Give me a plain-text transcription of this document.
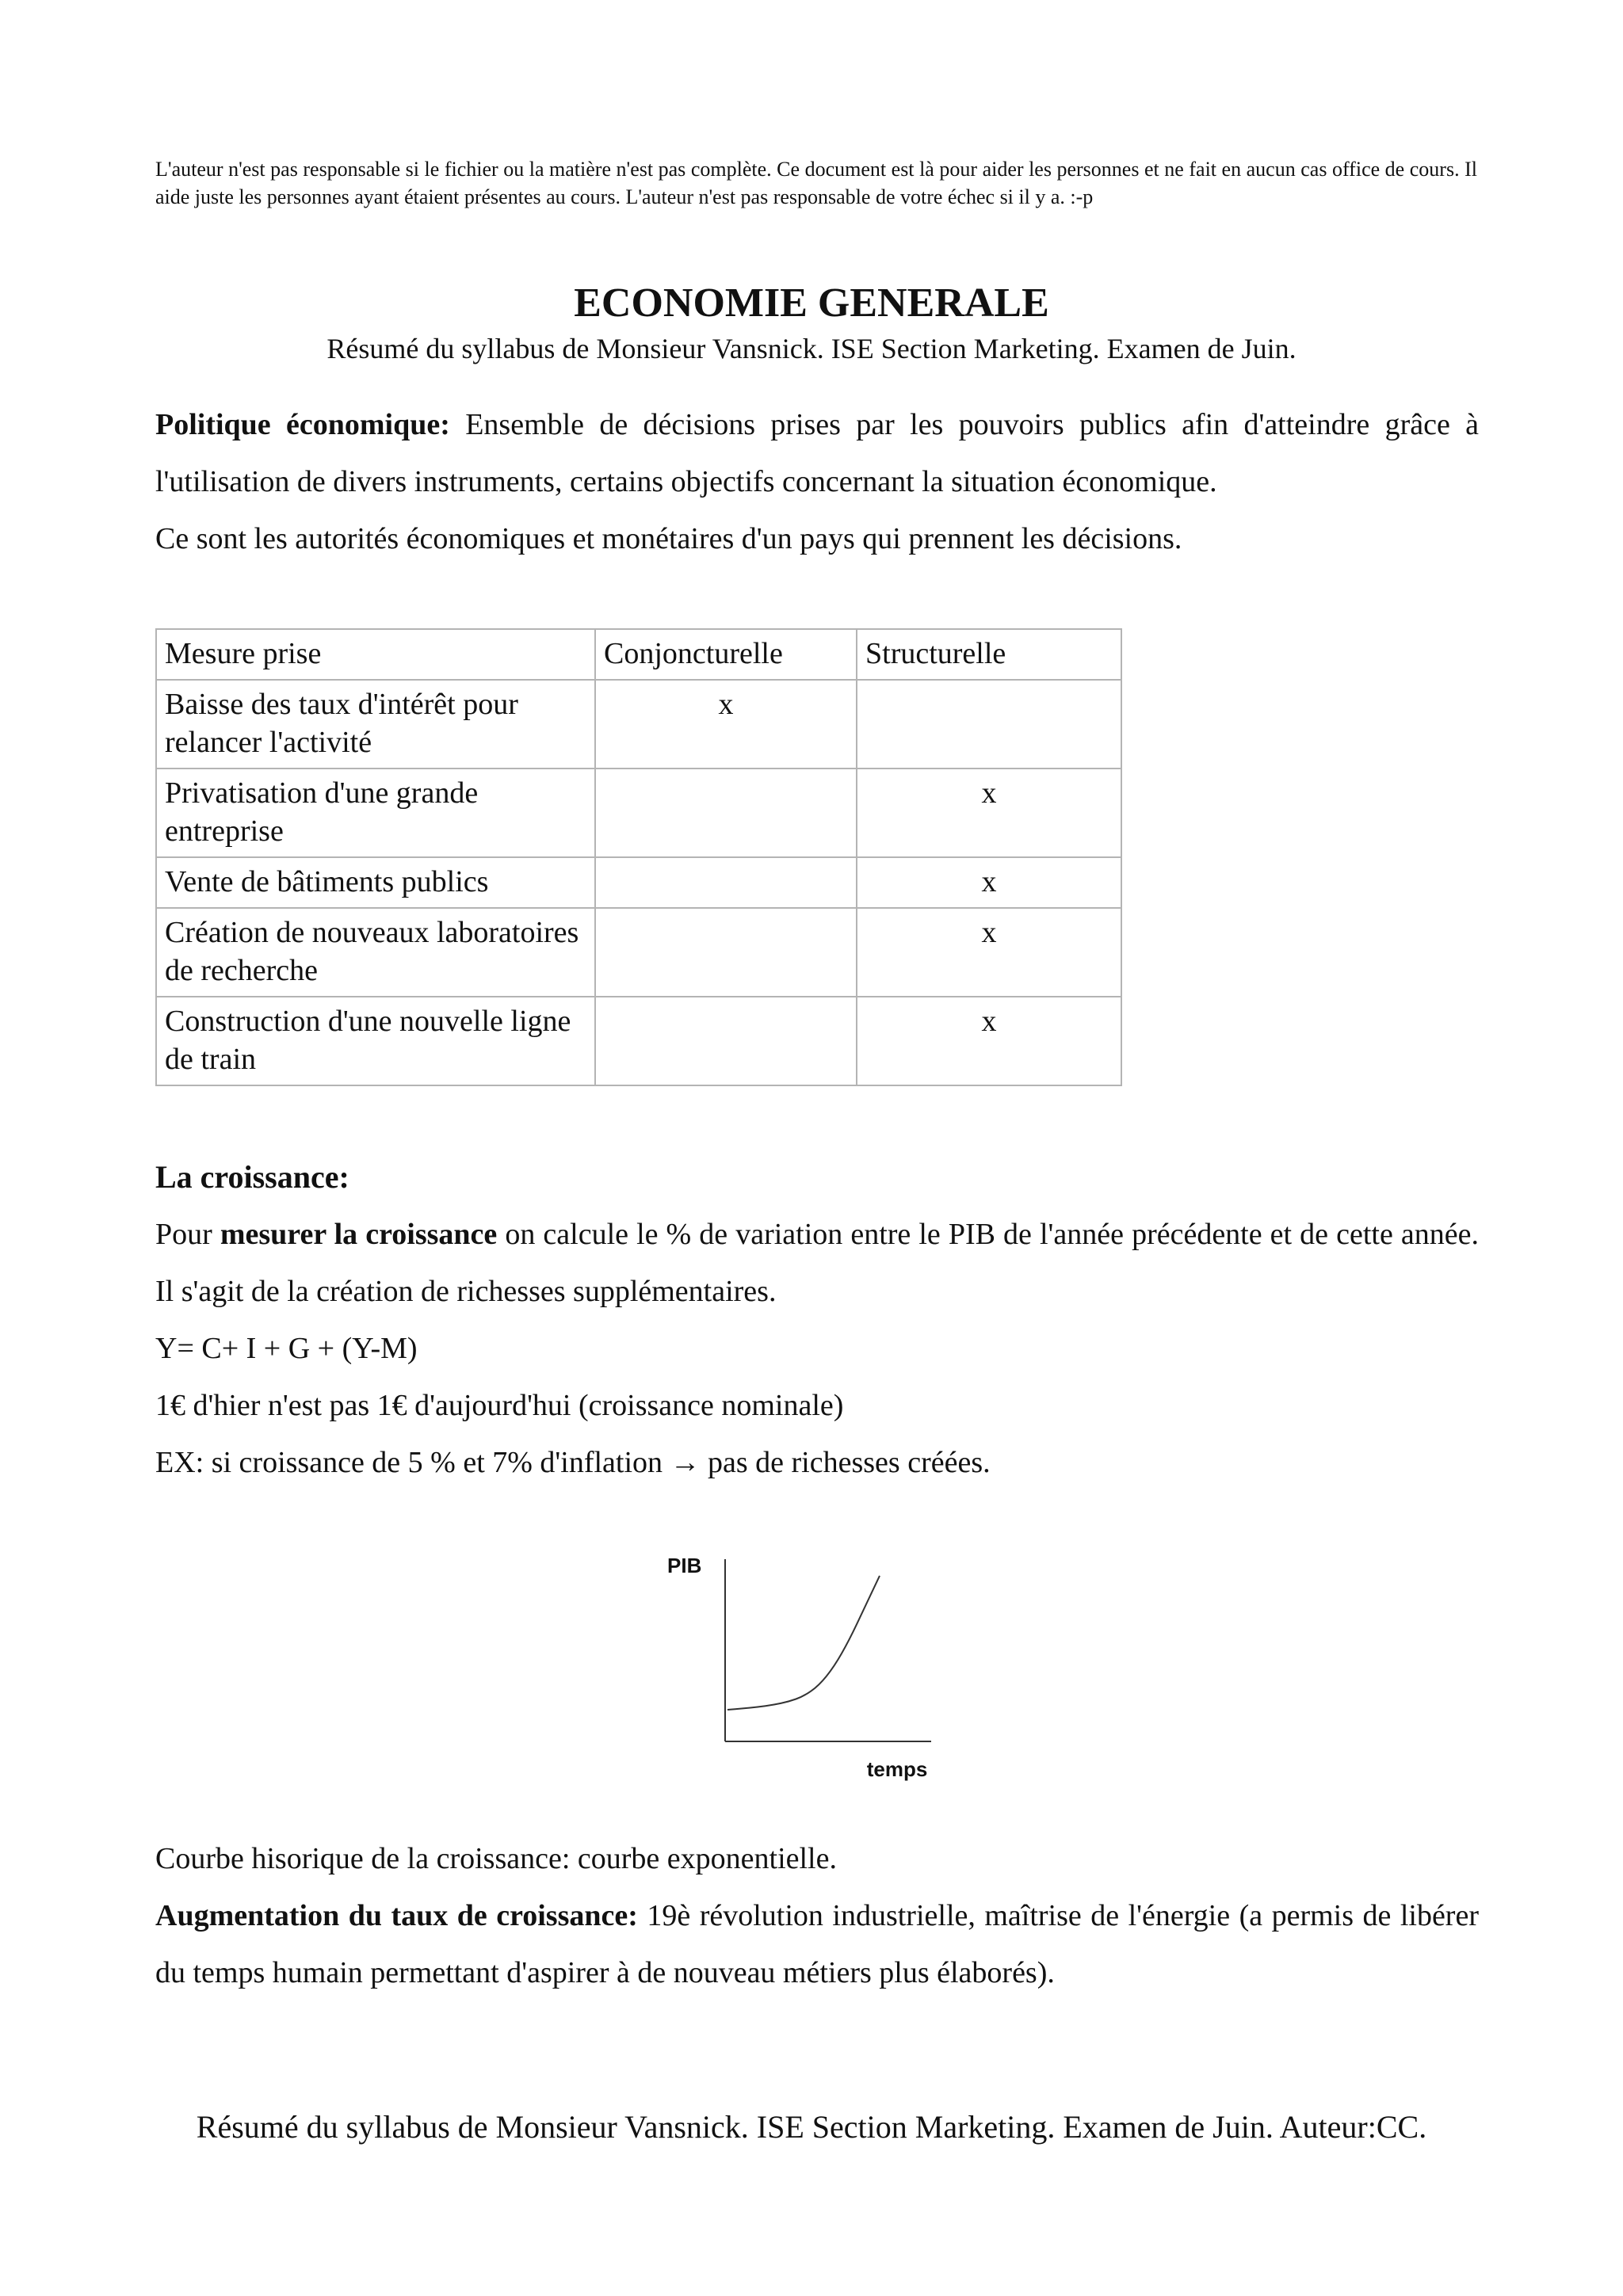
L'auteur n'est pas responsable si le fichier ou la matière n'est pas complète. Ce document est là pour aider les personnes et ne fait en aucun cas office de cours. Il aide juste les personnes ayant étaient présentes au cours. L'auteur n'est pas responsable de votre échec si il y a. :-p

ECONOMIE GENERALE

Résumé du syllabus de Monsieur Vansnick. ISE Section Marketing. Examen de Juin.

Politique économique: Ensemble de décisions prises par les pouvoirs publics afin d'atteindre grâce à l'utilisation de divers instruments, certains objectifs concernant la situation économique.

Ce sont les autorités économiques et monétaires d'un pays qui prennent les décisions.

Mesure prise	Conjoncturelle	Structurelle
Baisse des taux d'intérêt pour relancer l'activité	x	
Privatisation d'une grande entreprise		x
Vente de bâtiments publics		x
Création de nouveaux laboratoires de recherche		x
Construction d'une nouvelle ligne de train		x
La croissance:

Pour mesurer la croissance on calcule le % de variation entre le PIB de l'année précédente et de cette année. Il s'agit de la création de richesses supplémentaires.

Y= C+ I + G + (Y-M)

1€ d'hier n'est pas 1€ d'aujourd'hui (croissance nominale)

EX: si croissance de 5 % et 7% d'inflation → pas de richesses créées.

PIB
temps

Courbe hisorique de la croissance: courbe exponentielle.

Augmentation du taux de croissance: 19è révolution industrielle, maîtrise de l'énergie (a permis de libérer du temps humain permettant d'aspirer à de nouveau métiers plus élaborés).

Résumé du syllabus de Monsieur Vansnick. ISE Section Marketing. Examen de Juin. Auteur:CC.
